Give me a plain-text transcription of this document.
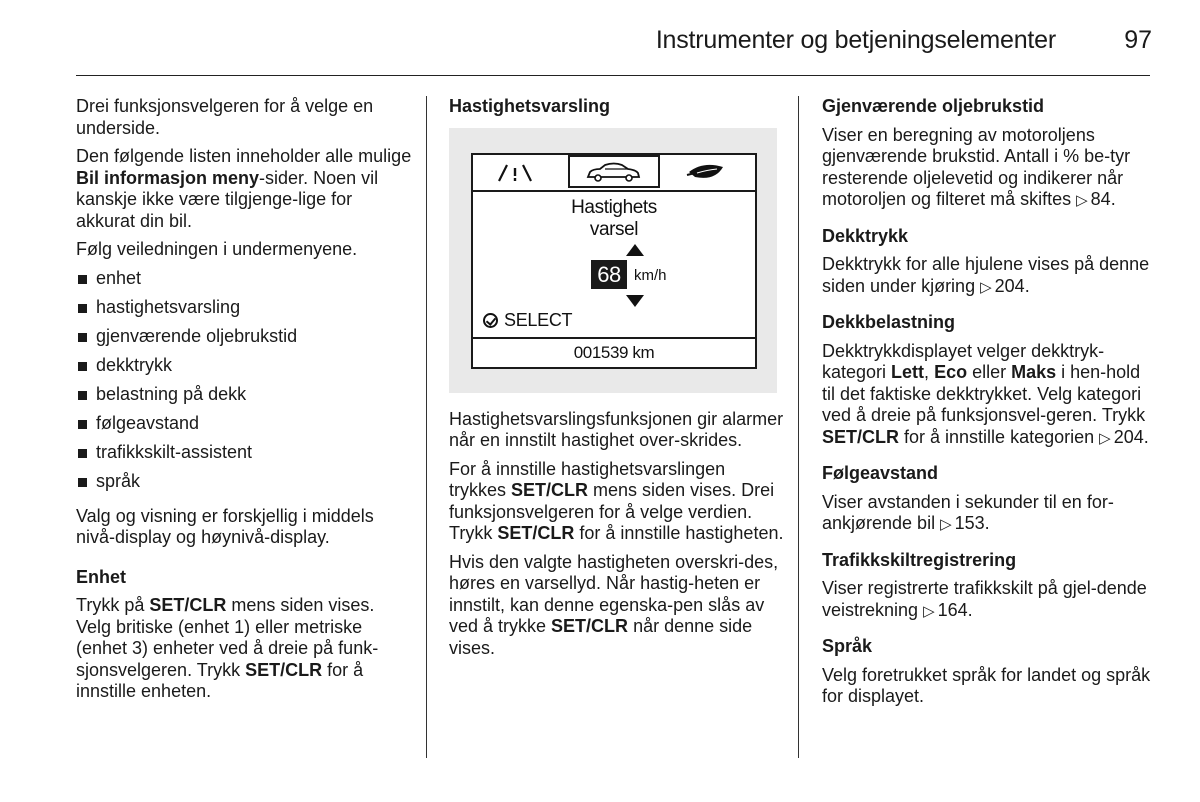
Instrumenter og betjeningselementer	97

Drei funksjonsvelgeren for å velge en underside.

Den følgende listen inneholder alle mulige Bil informasjon meny-sider. Noen vil kanskje ikke være tilgjenge-lige for akkurat din bil.

Følg veiledningen i undermenyene.

enhet
hastighetsvarsling
gjenværende oljebrukstid
dekktrykk
belastning på dekk
følgeavstand
trafikkskilt-assistent
språk

Valg og visning er forskjellig i middels nivå-display og høynivå-display.

Enhet

Trykk på SET/CLR mens siden vises. Velg britiske (enhet 1) eller metriske (enhet 3) enheter ved å dreie på funk-sjonsvelgeren. Trykk SET/CLR for å innstille enheten.

Hastighetsvarsling

Hastighets
varsel
68 km/h
SELECT
001539 km

Hastighetsvarslingsfunksjonen gir alarmer når en innstilt hastighet over-skrides.

For å innstille hastighetsvarslingen trykkes SET/CLR mens siden vises. Drei funksjonsvelgeren for å velge verdien. Trykk SET/CLR for å innstille hastigheten.

Hvis den valgte hastigheten overskri-des, høres en varsellyd. Når hastig-heten er innstilt, kan denne egenska-pen slås av ved å trykke SET/CLR når denne side vises.

Gjenværende oljebrukstid

Viser en beregning av motoroljens gjenværende brukstid. Antall i % be-tyr resterende oljelevetid og indikerer når motoroljen og filteret må skiftes ▷ 84.

Dekktrykk

Dekktrykk for alle hjulene vises på denne siden under kjøring ▷ 204.

Dekkbelastning

Dekktrykkdisplayet velger dekktryk-kategori Lett, Eco eller Maks i hen-hold til det faktiske dekktrykket. Velg kategori ved å dreie på funksjonsvel-geren. Trykk SET/CLR for å innstille kategorien ▷ 204.

Følgeavstand

Viser avstanden i sekunder til en for-ankjørende bil ▷ 153.

Trafikkskiltregistrering

Viser registrerte trafikkskilt på gjel-dende veistrekning ▷ 164.

Språk

Velg foretrukket språk for landet og språk for displayet.
